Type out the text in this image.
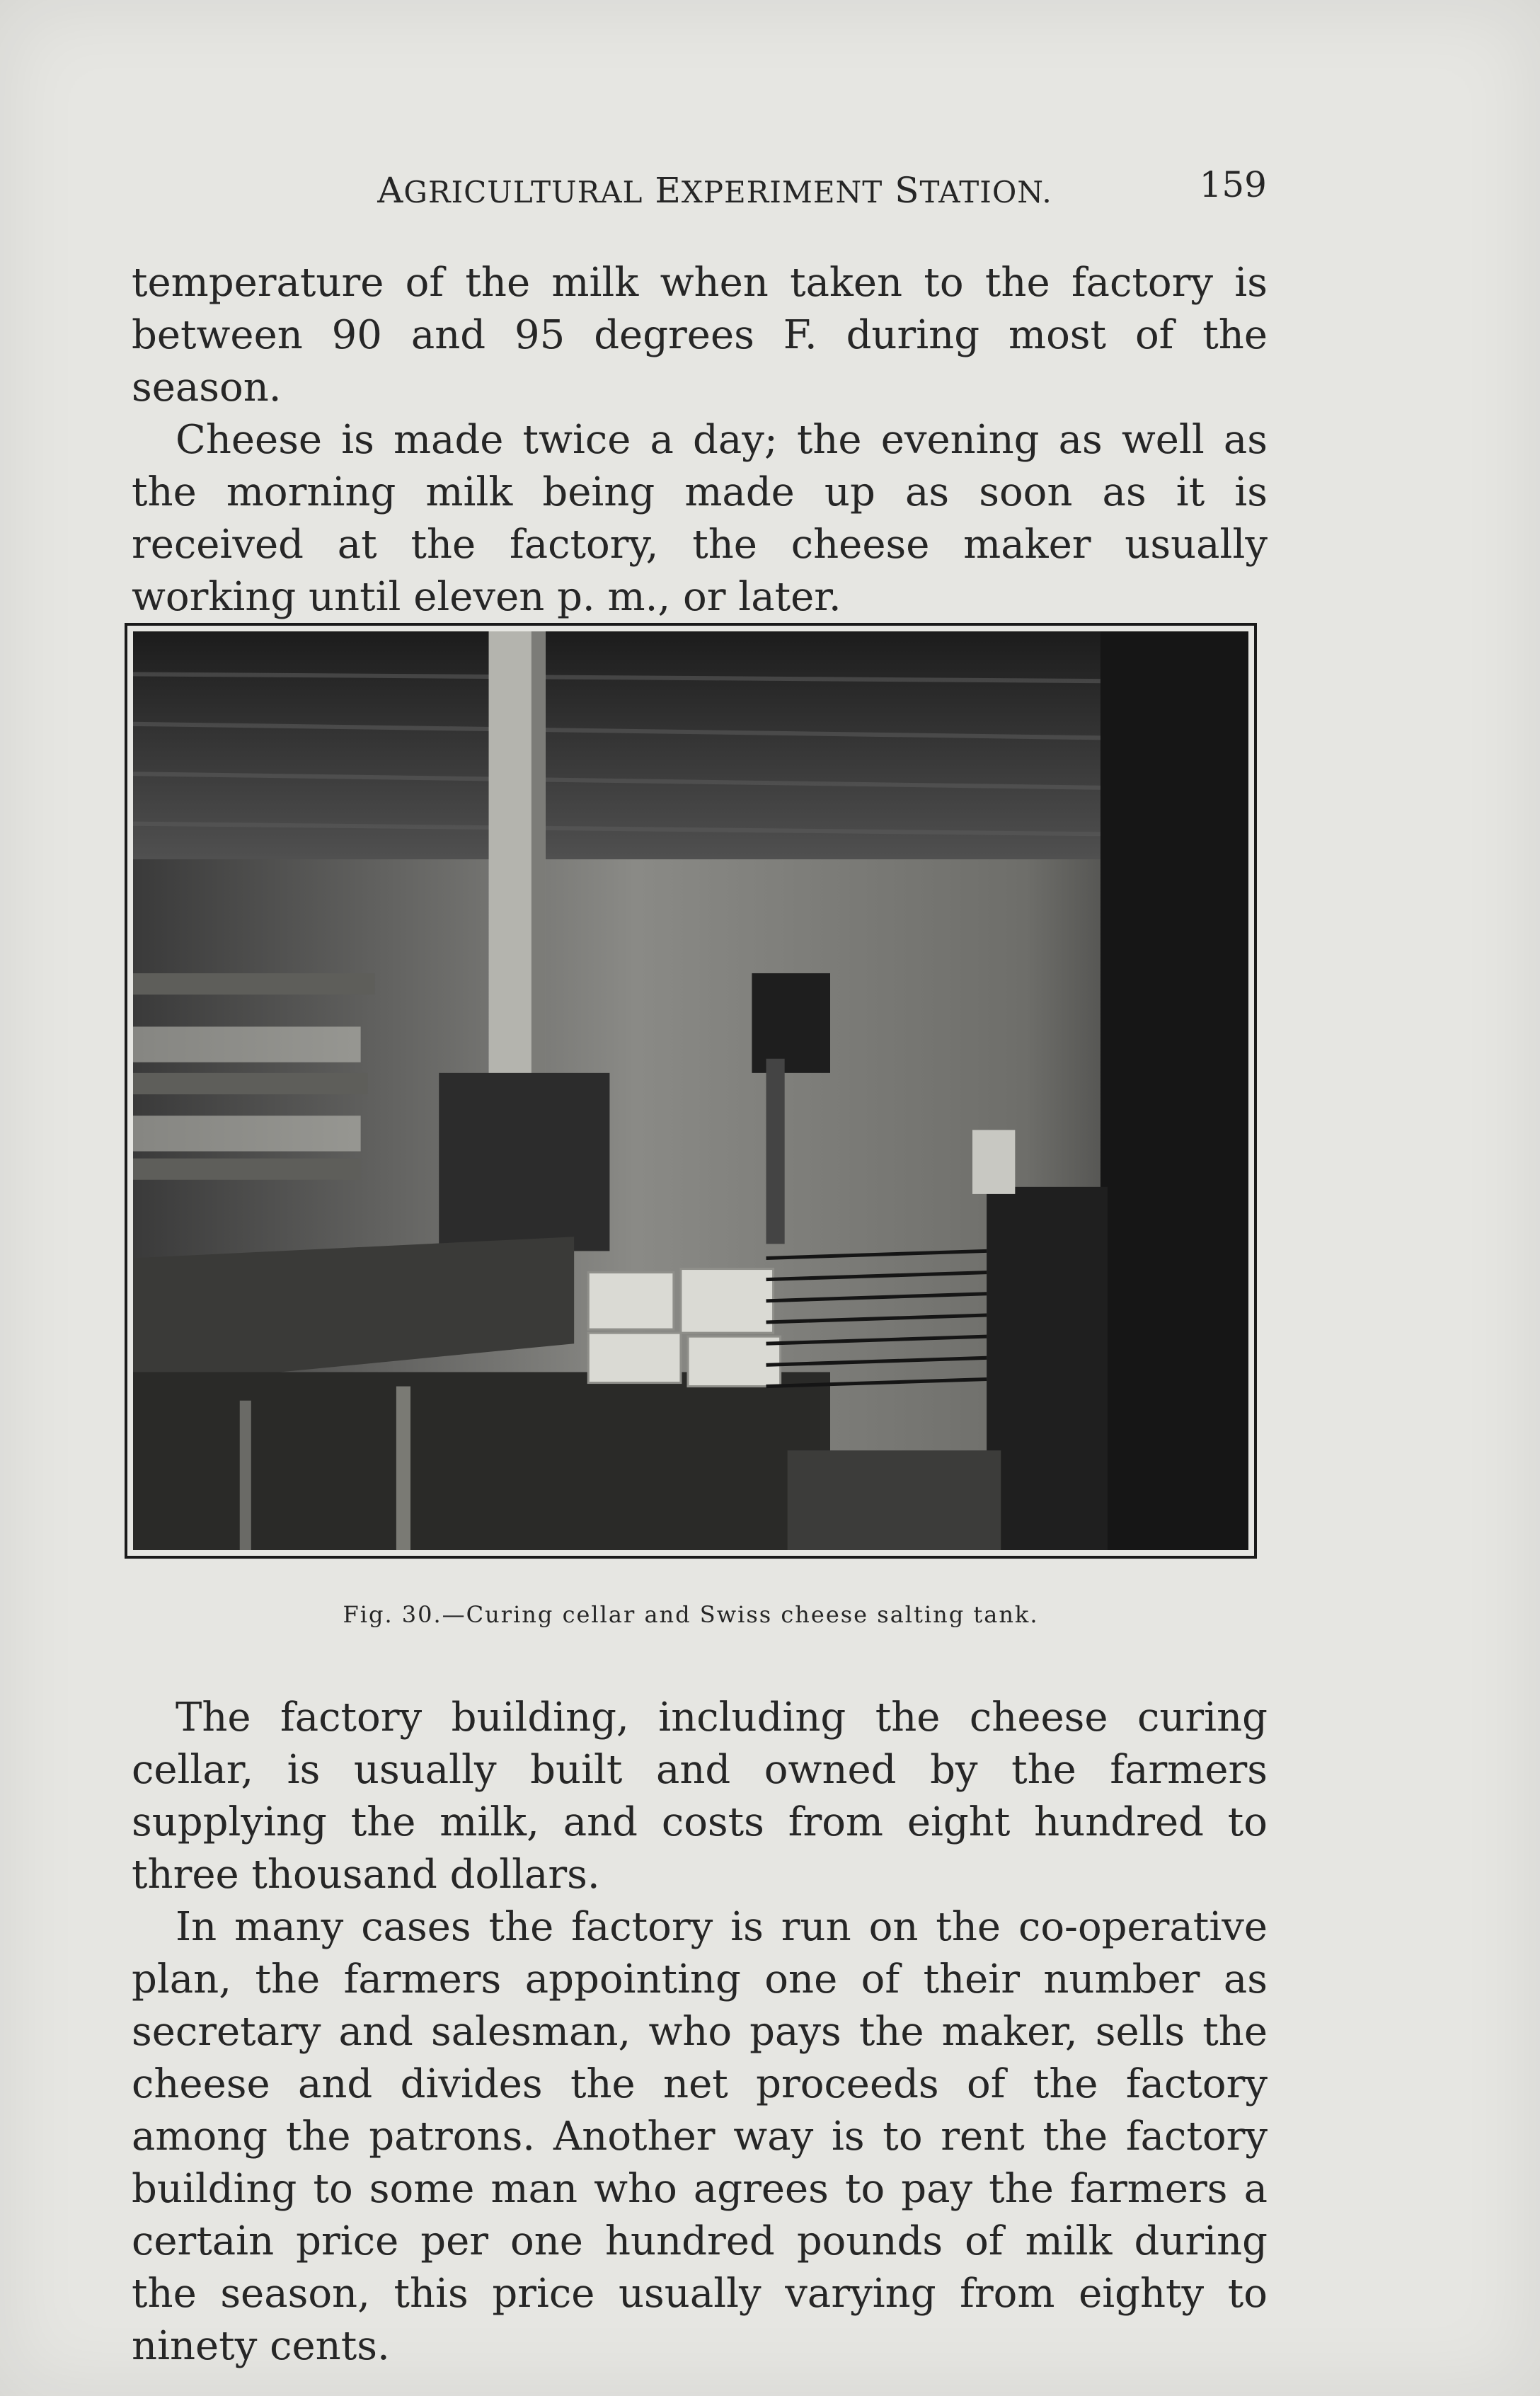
AGRICULTURAL EXPERIMENT STATION.	159

temperature of the milk when taken to the factory is between 90 and 95 degrees F. during most of the season.

Cheese is made twice a day; the evening as well as the morning milk being made up as soon as it is received at the factory, the cheese maker usually working until eleven p. m., or later.

Fig. 30.—Curing cellar and Swiss cheese salting tank.

The factory building, including the cheese curing cellar, is usually built and owned by the farmers supplying the milk, and costs from eight hundred to three thousand dollars.

In many cases the factory is run on the co-operative plan, the farmers appointing one of their number as secretary and salesman, who pays the maker, sells the cheese and divides the net proceeds of the factory among the patrons. Another way is to rent the factory building to some man who agrees to pay the farmers a certain price per one hundred pounds of milk during the season, this price usually varying from eighty to ninety cents.
